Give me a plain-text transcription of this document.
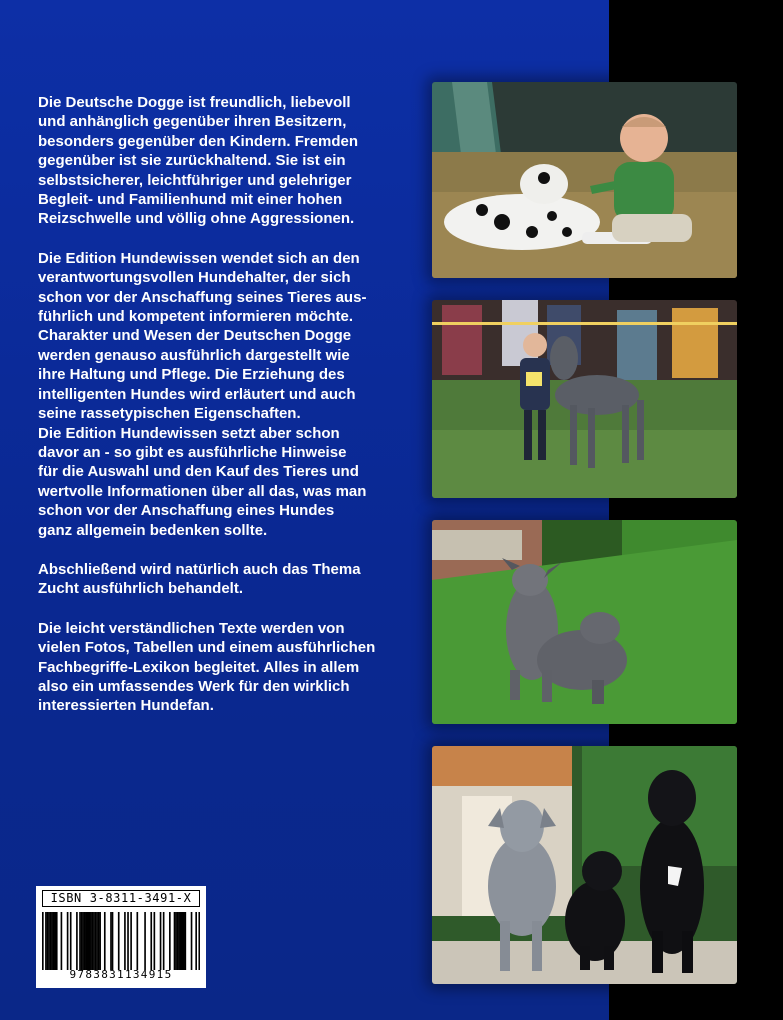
Die Deutsche Dogge ist freundlich, liebevoll
und anhänglich gegenüber ihren Besitzern,
besonders gegenüber den Kindern. Fremden
gegenüber ist sie zurückhaltend. Sie ist ein
selbstsicherer, leichtführiger und gelehriger
Begleit- und Familienhund mit einer hohen
Reizschwelle und völlig ohne Aggressionen.

Die Edition Hundewissen wendet sich an den
verantwortungsvollen Hundehalter, der sich
schon vor der Anschaffung seines Tieres aus-
führlich und kompetent informieren möchte.
Charakter und Wesen der Deutschen Dogge
werden genauso ausführlich dargestellt wie
ihre Haltung und Pflege. Die Erziehung des
intelligenten Hundes wird erläutert und auch
seine rassetypischen Eigenschaften.
Die Edition Hundewissen setzt aber schon
davor an - so gibt es ausführliche Hinweise
für die Auswahl und den Kauf des Tieres und
wertvolle Informationen über all das, was man
schon vor der Anschaffung eines Hundes
ganz allgemein bedenken sollte.

Abschließend wird natürlich auch das Thema
Zucht ausführlich behandelt.

Die leicht verständlichen Texte werden von
vielen Fotos, Tabellen und einem ausführlichen
Fachbegriffe-Lexikon begleitet. Alles in allem
also ein umfassendes Werk für den wirklich
interessierten Hundefan.

ISBN 3-8311-3491-X
9783831134915
